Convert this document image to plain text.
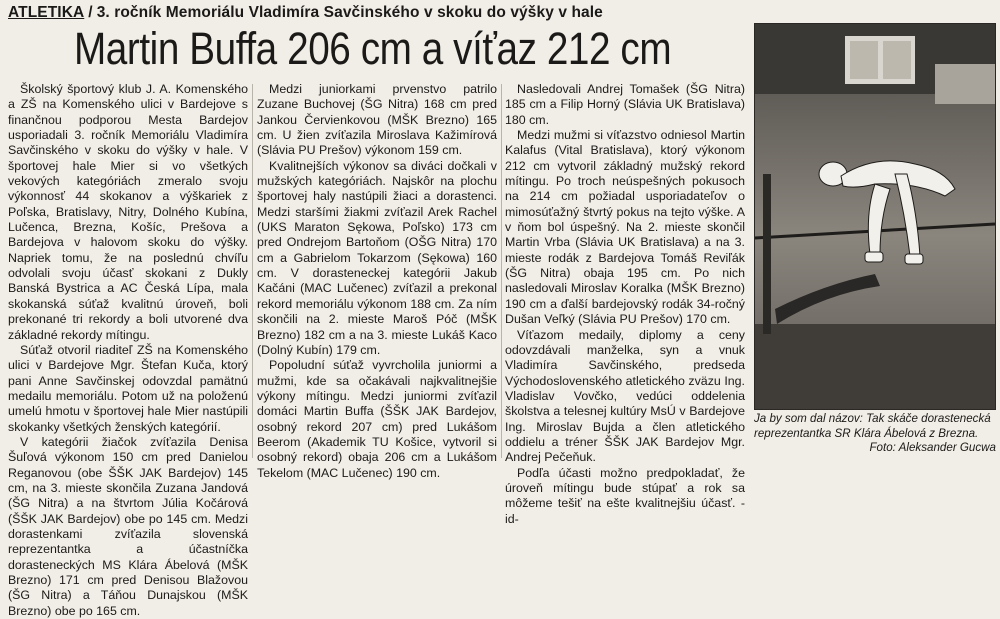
ATLETIKA / 3. ročník Memoriálu Vladimíra Savčinského v skoku do výšky v hale
Martin Buffa 206 cm a víťaz 212 cm

Školský športový klub J. A. Komenského a ZŠ na Komenského ulici v Bardejove s finančnou podporou Mesta Bardejov usporiadali 3. ročník Memoriálu Vladimíra Savčinského v skoku do výšky v hale. V športovej hale Mier si vo všetkých vekových kategóriách zmeralo svoju výkonnosť 44 skokanov a výškariek z Poľska, Bratislavy, Nitry, Dolného Kubína, Lučenca, Brezna, Košíc, Prešova a Bardejova v halovom skoku do výšky. Napriek tomu, že na poslednú chvíľu odvolali svoju účasť skokani z Dukly Banská Bystrica a AC Česká Lípa, mala skokanská súťaž kvalitnú úroveň, boli prekonané tri rekordy a boli utvorené dva základné rekordy mítingu.

Súťaž otvoril riaditeľ ZŠ na Komenského ulici v Bardejove Mgr. Štefan Kuča, ktorý pani Anne Savčinskej odovzdal pamätnú medailu memoriálu. Potom už na položenú umelú hmotu v športovej hale Mier nastúpili skokanky všetkých ženských kategórií.

V kategórii žiačok zvíťazila Denisa Šuľová výkonom 150 cm pred Danielou Reganovou (obe ŠŠK JAK Bardejov) 145 cm, na 3. mieste skončila Zuzana Jandová (ŠG Nitra) a na štvrtom Júlia Kočárová (ŠŠK JAK Bardejov) obe po 145 cm. Medzi dorastenkami zvíťazila slovenská reprezentantka a účastníčka dorasteneckých MS Klára Ábelová (MŠK Brezno) 171 cm pred Denisou Blažovou (ŠG Nitra) a Táňou Dunajskou (MŠK Brezno) obe po 165 cm.

Medzi juniorkami prvenstvo patrilo Zuzane Buchovej (ŠG Nitra) 168 cm pred Jankou Červienkovou (MŠK Brezno) 165 cm. U žien zvíťazila Miroslava Kažimírová (Slávia PU Prešov) výkonom 159 cm.

Kvalitnejších výkonov sa diváci dočkali v mužských kategóriách. Najskôr na plochu športovej haly nastúpili žiaci a dorastenci. Medzi staršími žiakmi zvíťazil Arek Rachel (UKS Maraton Sękowa, Poľsko) 173 cm pred Ondrejom Bartoňom (OŠG Nitra) 170 cm a Gabrielom Tokarzom (Sękowa) 160 cm. V dorasteneckej kategórii Jakub Kačáni (MAC Lučenec) zvíťazil a prekonal rekord memoriálu výkonom 188 cm. Za ním skončili na 2. mieste Maroš Póč (MŠK Brezno) 182 cm a na 3. mieste Lukáš Kaco (Dolný Kubín) 179 cm.

Popoludní súťaž vyvrcholila juniormi a mužmi, kde sa očakávali najkvalitnejšie výkony mítingu. Medzi juniormi zvíťazil domáci Martin Buffa (ŠŠK JAK Bardejov, osobný rekord 207 cm) pred Lukášom Beerom (Akademik TU Košice, vytvoril si osobný rekord) obaja 206 cm a Lukášom Tekelom (MAC Lučenec) 190 cm.

Nasledovali Andrej Tomašek (ŠG Nitra) 185 cm a Filip Horný (Slávia UK Bratislava) 180 cm.

Medzi mužmi si víťazstvo odniesol Martin Kalafus (Vital Bratislava), ktorý výkonom 212 cm vytvoril základný mužský rekord mítingu. Po troch neúspešných pokusoch na 214 cm požiadal usporiadateľov o mimosúťažný štvrtý pokus na tejto výške. A v ňom bol úspešný. Na 2. mieste skončil Martin Vrba (Slávia UK Bratislava) a na 3. mieste rodák z Bardejova Tomáš Reviľák (ŠG Nitra) obaja 195 cm. Po nich nasledovali Miroslav Koralka (MŠK Brezno) 190 cm a ďalší bardejovský rodák 34-ročný Dušan Veľký (Slávia PU Prešov) 170 cm.

Víťazom medaily, diplomy a ceny odovzdávali manželka, syn a vnuk Vladimíra Savčinského, predseda Východoslovenského atletického zväzu Ing. Vladislav Vovčko, vedúci oddelenia školstva a telesnej kultúry MsÚ v Bardejove Ing. Miroslav Bujda a člen atletického oddielu a tréner ŠŠK JAK Bardejov Mgr. Andrej Pečeňuk.

Podľa účasti možno predpokladať, že úroveň mítingu bude stúpať a rok sa môžeme tešiť na ešte kvalitnejšiu účasť. -id-

Ja by som dal názov: Tak skáče dorastenecká reprezentantka SR Klára Ábelová z Brezna.
Foto: Aleksander Gucwa
